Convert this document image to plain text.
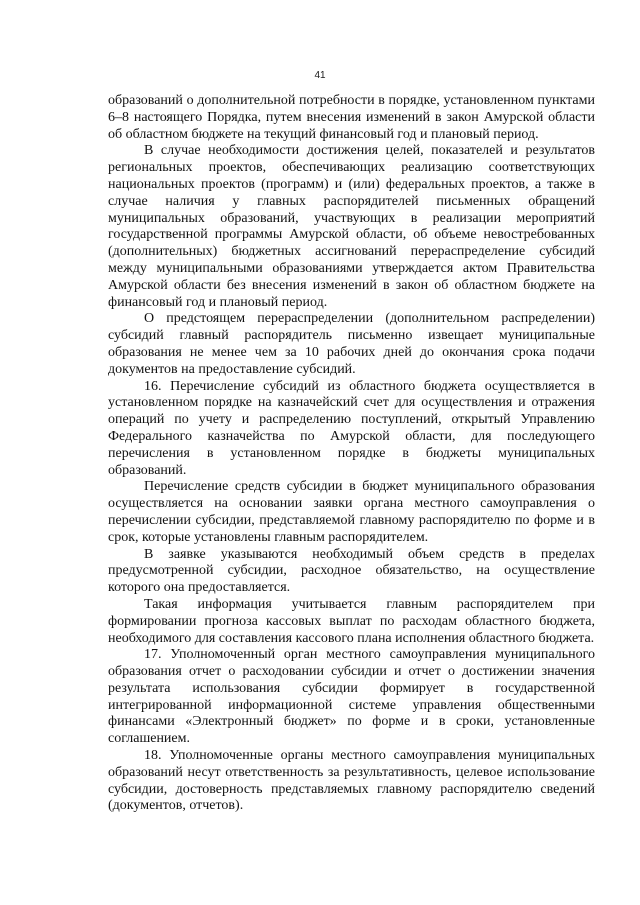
41

образований о дополнительной потребности в порядке, установленном пунктами 6–8 настоящего Порядка, путем внесения изменений в закон Амурской области об областном бюджете на текущий финансовый год и плановый период.

В случае необходимости достижения целей, показателей и результатов региональных проектов, обеспечивающих реализацию соответствующих национальных проектов (программ) и (или) федеральных проектов, а также в случае наличия у главных распорядителей письменных обращений муниципальных образований, участвующих в реализации мероприятий государственной программы Амурской области, об объеме невостребованных (дополнительных) бюджетных ассигнований перераспределение субсидий между муниципальными образованиями утверждается актом Правительства Амурской области без внесения изменений в закон об областном бюджете на финансовый год и плановый период.

О предстоящем перераспределении (дополнительном распределении) субсидий главный распорядитель письменно извещает муниципальные образования не менее чем за 10 рабочих дней до окончания срока подачи документов на предоставление субсидий.

16. Перечисление субсидий из областного бюджета осуществляется в установленном порядке на казначейский счет для осуществления и отражения операций по учету и распределению поступлений, открытый Управлению Федерального казначейства по Амурской области, для последующего перечисления в установленном порядке в бюджеты муниципальных образований.

Перечисление средств субсидии в бюджет муниципального образования осуществляется на основании заявки органа местного самоуправления о перечислении субсидии, представляемой главному распорядителю по форме и в срок, которые установлены главным распорядителем.

В заявке указываются необходимый объем средств в пределах предусмотренной субсидии, расходное обязательство, на осуществление которого она предоставляется.

Такая информация учитывается главным распорядителем при формировании прогноза кассовых выплат по расходам областного бюджета, необходимого для составления кассового плана исполнения областного бюджета.

17. Уполномоченный орган местного самоуправления муниципального образования отчет о расходовании субсидии и отчет о достижении значения результата использования субсидии формирует в государственной интегрированной информационной системе управления общественными финансами «Электронный бюджет» по форме и в сроки, установленные соглашением.

18. Уполномоченные органы местного самоуправления муниципальных образований несут ответственность за результативность, целевое использование субсидии, достоверность представляемых главному распорядителю сведений (документов, отчетов).
